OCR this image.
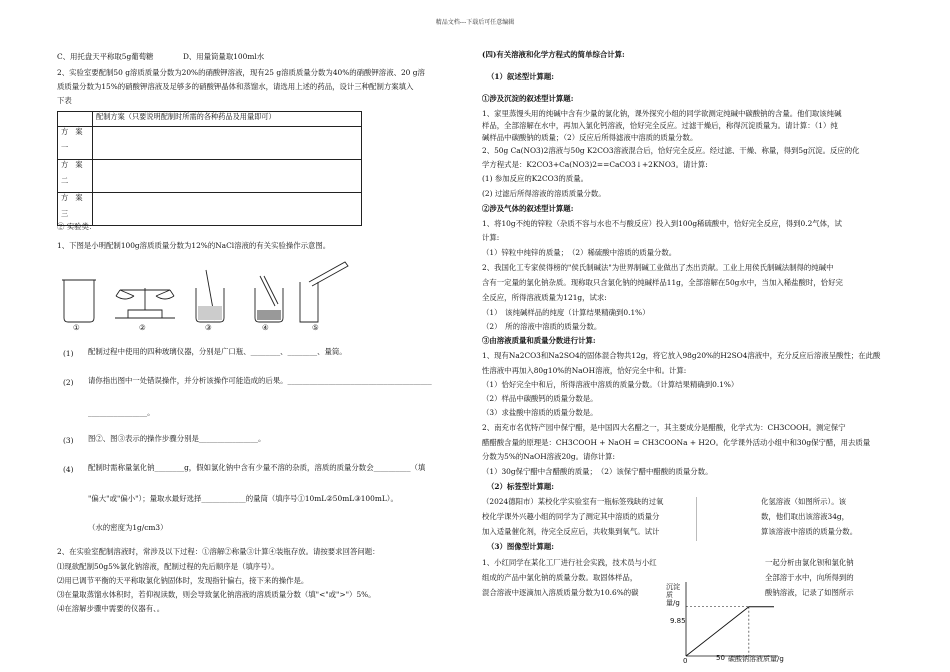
精品文档---下载后可任意编辑
C、用托盘天平称取5g葡萄糖　　　　D、用量筒量取100ml水
2、实验室要配制50 g溶质质量分数为20%的硝酸钾溶液，现有25 g溶质质量分数为40%的硝酸钾溶液、20 g溶
质质量分数为15%的硝酸钾溶液及足够多的硝酸钾晶体和蒸馏水，请选用上述的药品，设计三种配制方案填入
下表
	配制方案（只要说明配制时所需的各种药品及用量即可）

方　案
一	

方　案
二	

方　案
三	

② 实验类：
1、下图是小明配制100g溶质质量分数为12%的NaCl溶液的有关实验操作示意图。
①	②	③	④	⑤
(1) 配制过程中使用的四种玻璃仪器，分别是广口瓶、________、________、量筒。
(2) 请你指出图中一处错误操作，并分析该操作可能造成的后果。_______________________________________
________________。
(3) 图②、图③表示的操作步骤分别是________________。
(4) 配制时需称量氯化钠________g，假如氯化钠中含有少量不溶的杂质，溶质的质量分数会__________（填
"偏大"或"偏小"）；量取水最好选择____________的量筒（填序号①10mL②50mL③100mL）。
（水的密度为1g/cm3）
2、在实验室配制溶液时，常涉及以下过程：①溶解②称量③计算④装瓶存放。请按要求回答问题：
⑴现欲配制50g5%氯化钠溶液，配制过程的先后顺序是（填序号）。
⑵用已调节平衡的天平称取氯化钠固体时，发现指针偏右，接下来的操作是。
⑶在量取蒸馏水体积时，若仰视读数，则会导致氯化钠溶液的溶质质量分数（填"<"或">"）5%。
⑷在溶解步骤中需要的仪器有、。
(四)有关溶液和化学方程式的简单综合计算:
（1）叙述型计算题:
①涉及沉淀的叙述型计算题:
1、家里蒸馒头用的纯碱中含有少量的氯化钠，课外探究小组的同学欲测定纯碱中碳酸钠的含量。他们取该纯碱
样品，全部溶解在水中，再加入氯化钙溶液，恰好完全反应。过滤干燥后，称得沉淀质量为。请计算：（1）纯
碱样品中碳酸钠的质量；（2）反应后所得滤液中溶质的质量分数。
2、50g Ca(NO3)2溶液与50g K2CO3溶液混合后，恰好完全反应。经过滤、干燥、称量，得到5g沉淀。反应的化
学方程式是：K2CO3+Ca(NO3)2==CaCO3↓+2KNO3。请计算:
(1) 参加反应的K2CO3的质量。
(2) 过滤后所得溶液的溶质质量分数。
②涉及气体的叙述型计算题:
1、将10g不纯的锌粒（杂质不容与水也不与酸反应）投入到100g稀硫酸中，恰好完全反应，得到0.2气体，试
计算:
（1）锌粒中纯锌的质量；　（2）稀硫酸中溶质的质量分数。
2、我国化工专家侯得榜的"侯氏制碱法"为世界制碱工业做出了杰出贡献。工业上用侯氏制碱法制得的纯碱中
含有一定量的氯化钠杂质。现称取只含氯化钠的纯碱样品11g，全部溶解在50g水中，当加入稀盐酸时，恰好完
全反应，所得溶液质量为121g，试求:
（1）　该纯碱样品的纯度（计算结果精确到0.1%）
（2）　所的溶液中溶质的质量分数。
③由溶液质量和质量分数进行计算:
1、现有Na2CO3和Na2SO4的固体混合物共12g，将它放入98g20%的H2SO4溶液中，充分反应后溶液呈酸性；在此酸
性溶液中再加入80g10%的NaOH溶液，恰好完全中和。计算:
（1）恰好完全中和后，所得溶液中溶质的质量分数。（计算结果精确到0.1%）
（2）样品中碳酸钙的质量分数是。
（3）求盐酸中溶质的质量分数是。
2、南充市名优特产园中保宁醋，是中国四大名醋之一，其主要成分是醋酸，化学式为：CH3COOH。测定保宁
醋醋酸含量的原理是：CH3COOH + NaOH = CH3COONa + H2O。化学课外活动小组中和30g保宁醋，用去质量
分数为5%的NaOH溶液20g。请你计算:
（1）30g保宁醋中含醋酸的质量；　（2）该保宁醋中醋酸的质量分数。
（2）标签型计算题:
（2024德阳市）某校化学实验室有一瓶标签残缺的过氧
校化学课外兴趣小组的同学为了测定其中溶质的质量分
加入适量催化剂，待完全反应后，共收集到氧气。试计
化氢溶液（如图所示）。该
数，他们取出该溶液34g，
算该溶液中溶质的质量分数。
（3）图像型计算题:
1、小红同学在某化工厂进行社会实践，技术员与小红
组成的产品中氯化钠的质量分数。取固体样品，
混合溶液中逐滴加入溶质质量分数为10.6%的碳
一起分析由氯化钡和氯化钠
全部溶于水中，向所得到的
酸钠溶液，记录了如图所示
沉淀质量/g
碳酸钠溶液质量/g
9.85
0	50
